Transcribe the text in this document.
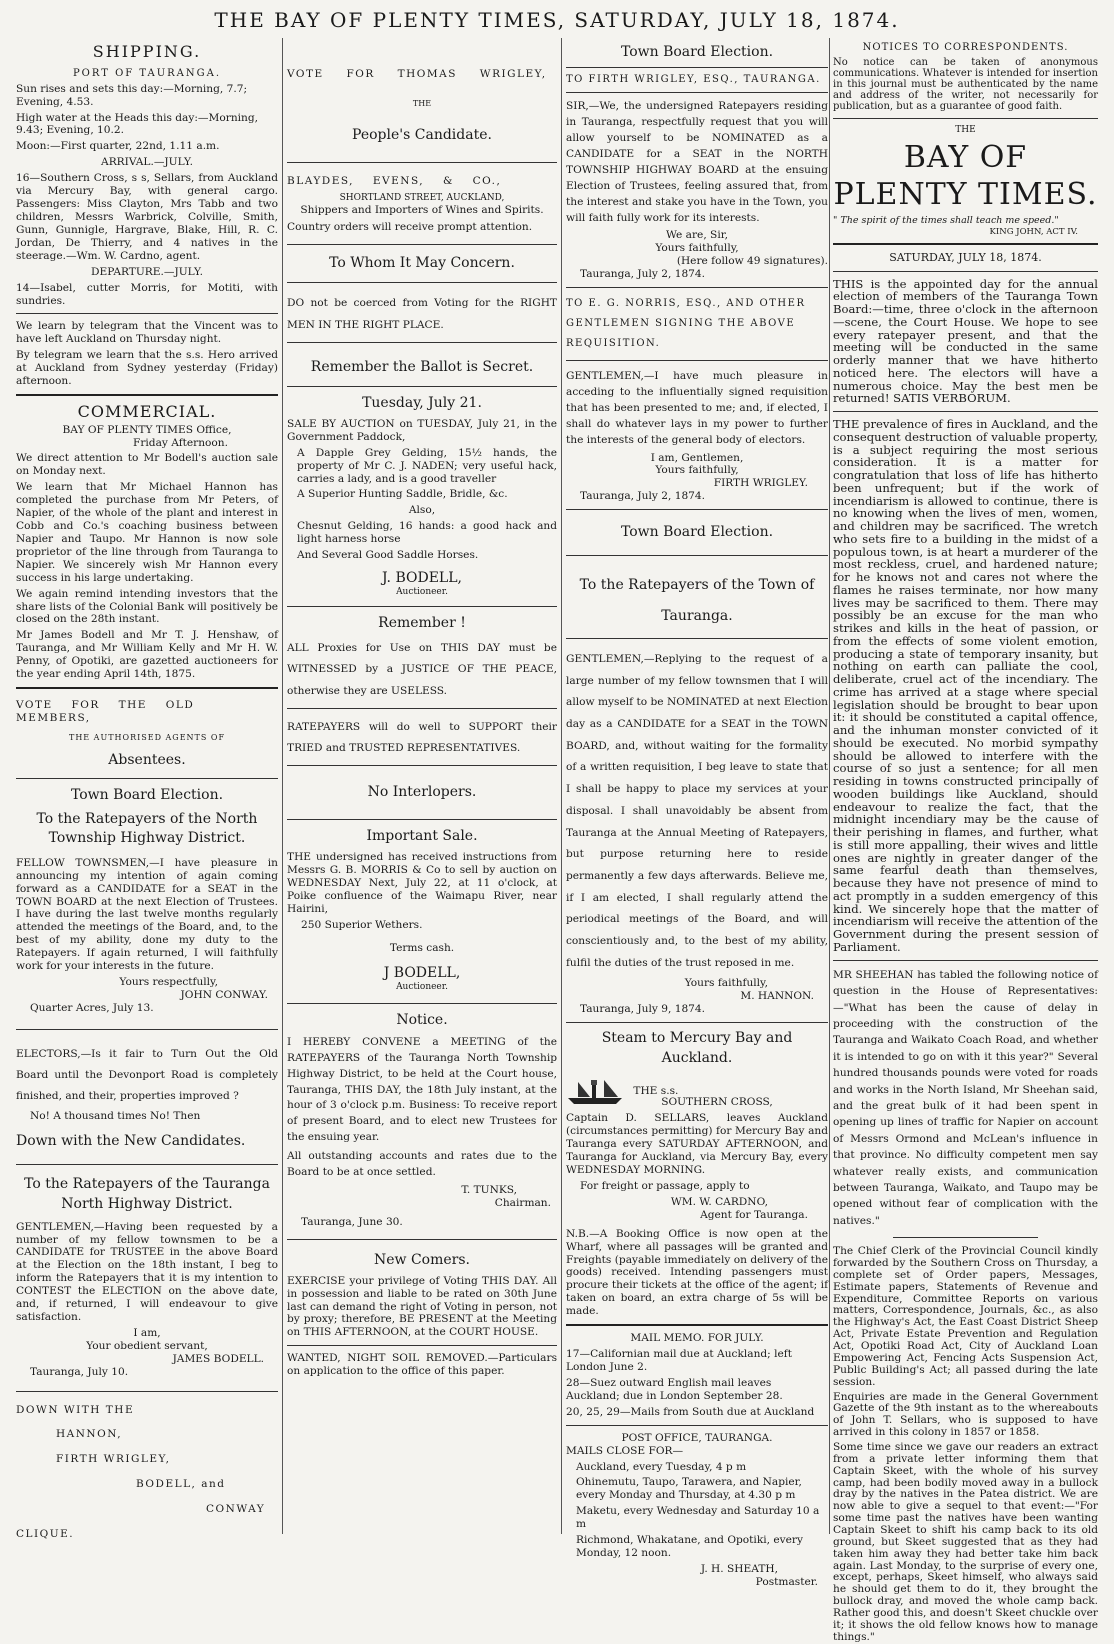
THE BAY OF PLENTY TIMES, SATURDAY, JULY 18, 1874.
SHIPPING.
PORT OF TAURANGA.

Sun rises and sets this day:—Morning, 7.7; Evening, 4.53.

High water at the Heads this day:—Morning, 9.43; Evening, 10.2.

Moon:—First quarter, 22nd, 1.11 a.m.

ARRIVAL.—JULY.

16—Southern Cross, s s, Sellars, from Auckland via Mercury Bay, with general cargo. Passengers: Miss Clayton, Mrs Tabb and two children, Messrs Warbrick, Colville, Smith, Gunn, Gunnigle, Hargrave, Blake, Hill, R. C. Jordan, De Thierry, and 4 natives in the steerage.—Wm. W. Cardno, agent.

DEPARTURE.—JULY.

14—Isabel, cutter Morris, for Motiti, with sundries.

We learn by telegram that the Vincent was to have left Auckland on Thursday night.

By telegram we learn that the s.s. Hero arrived at Auckland from Sydney yesterday (Friday) afternoon.

COMMERCIAL.
BAY OF PLENTY TIMES Office,
Friday Afternoon.

We direct attention to Mr Bodell's auction sale on Monday next.

We learn that Mr Michael Hannon has completed the purchase from Mr Peters, of Napier, of the whole of the plant and interest in Cobb and Co.'s coaching business between Napier and Taupo. Mr Hannon is now sole proprietor of the line through from Tauranga to Napier. We sincerely wish Mr Hannon every success in his large undertaking.

We again remind intending investors that the share lists of the Colonial Bank will positively be closed on the 28th instant.

Mr James Bodell and Mr T. J. Henshaw, of Tauranga, and Mr William Kelly and Mr H. W. Penny, of Opotiki, are gazetted auctioneers for the year ending April 14th, 1875.

VOTE FOR THE OLD MEMBERS,

THE AUTHORISED AGENTS OF
Absentees.
Town Board Election.
To the Ratepayers of the North Township Highway District.

FELLOW TOWNSMEN,—I have pleasure in announcing my intention of again coming forward as a CANDIDATE for a SEAT in the TOWN BOARD at the next Election of Trustees. I have during the last twelve months regularly attended the meetings of the Board, and, to the best of my ability, done my duty to the Ratepayers. If again returned, I will faithfully work for your interests in the future.

Yours respectfully,
JOHN CONWAY.
Quarter Acres, July 13.

ELECTORS,—Is it fair to Turn Out the Old Board until the Devonport Road is completely finished, and their, properties improved ?

No! A thousand times No! Then

Down with the New Candidates.

To the Ratepayers of the Tauranga North Highway District.

GENTLEMEN,—Having been requested by a number of my fellow townsmen to be a CANDIDATE for TRUSTEE in the above Board at the Election on the 18th instant, I beg to inform the Ratepayers that it is my intention to CONTEST the ELECTION on the above date, and, if returned, I will endeavour to give satisfaction.

I am,
Your obedient servant,
JAMES BODELL.
Tauranga, July 10.
DOWN WITH THE
HANNON,
FIRTH WRIGLEY,
BODELL, and
CONWAY
CLIQUE.
VOTE FOR THOMAS WRIGLEY,
THE
People's Candidate.
BLAYDES, EVENS, & CO.,
SHORTLAND STREET, AUCKLAND,
Shippers and Importers of Wines and Spirits.
Country orders will receive prompt attention.
To Whom It May Concern.

DO not be coerced from Voting for the RIGHT MEN IN THE RIGHT PLACE.

Remember the Ballot is Secret.
Tuesday, July 21.

SALE BY AUCTION on TUESDAY, July 21, in the Government Paddock,

A Dapple Grey Gelding, 15½ hands, the property of Mr C. J. NADEN; very useful hack, carries a lady, and is a good traveller

A Superior Hunting Saddle, Bridle, &c.

Also,

Chesnut Gelding, 16 hands: a good hack and light harness horse

And Several Good Saddle Horses.

J. BODELL,
Auctioneer.
Remember !

ALL Proxies for Use on THIS DAY must be WITNESSED by a JUSTICE OF THE PEACE, otherwise they are USELESS.

RATEPAYERS will do well to SUPPORT their TRIED and TRUSTED REPRESENTATIVES.

No Interlopers.
Important Sale.

THE undersigned has received instructions from Messrs G. B. MORRIS & Co to sell by auction on WEDNESDAY Next, July 22, at 11 o'clock, at Poike confluence of the Waimapu River, near Hairini,

250 Superior Wethers.

Terms cash.
J BODELL,
Auctioneer.
Notice.

I HEREBY CONVENE a MEETING of the RATEPAYERS of the Tauranga North Township Highway District, to be held at the Court house, Tauranga, THIS DAY, the 18th July instant, at the hour of 3 o'clock p.m. Business: To receive report of present Board, and to elect new Trustees for the ensuing year.

All outstanding accounts and rates due to the Board to be at once settled.

T. TUNKS,
Chairman.
Tauranga, June 30.
New Comers.

EXERCISE your privilege of Voting THIS DAY. All in possession and liable to be rated on 30th June last can demand the right of Voting in person, not by proxy; therefore, BE PRESENT at the Meeting on THIS AFTERNOON, at the COURT HOUSE.

WANTED, NIGHT SOIL REMOVED.—Particulars on application to the office of this paper.

Town Board Election.
TO FIRTH WRIGLEY, ESQ., TAURANGA.

SIR,—We, the undersigned Ratepayers residing in Tauranga, respectfully request that you will allow yourself to be NOMINATED as a CANDIDATE for a SEAT in the NORTH TOWNSHIP HIGHWAY BOARD at the ensuing Election of Trustees, feeling assured that, from the interest and stake you have in the Town, you will faith fully work for its interests.

We are, Sir,
Yours faithfully,
(Here follow 49 signatures).
Tauranga, July 2, 1874.

TO E. G. NORRIS, ESQ., AND OTHER GENTLEMEN SIGNING THE ABOVE REQUISITION.

GENTLEMEN,—I have much pleasure in acceding to the influentially signed requisition that has been presented to me; and, if elected, I shall do whatever lays in my power to further the interests of the general body of electors.

I am, Gentlemen,
Yours faithfully,
FIRTH WRIGLEY.
Tauranga, July 2, 1874.
Town Board Election.
To the Ratepayers of the Town of Tauranga.

GENTLEMEN,—Replying to the request of a large number of my fellow townsmen that I will allow myself to be NOMINATED at next Election day as a CANDIDATE for a SEAT in the TOWN BOARD, and, without waiting for the formality of a written requisition, I beg leave to state that I shall be happy to place my services at your disposal. I shall unavoidably be absent from Tauranga at the Annual Meeting of Ratepayers, but purpose returning here to reside permanently a few days afterwards. Believe me, if I am elected, I shall regularly attend the periodical meetings of the Board, and will conscientiously and, to the best of my ability, fulfil the duties of the trust reposed in me.

Yours faithfully,
M. HANNON.
Tauranga, July 9, 1874.
Steam to Mercury Bay and Auckland.
THE s.s.
SOUTHERN CROSS,

Captain D. SELLARS, leaves Auckland (circumstances permitting) for Mercury Bay and Tauranga every SATURDAY AFTERNOON, and Tauranga for Auckland, via Mercury Bay, every WEDNESDAY MORNING.

For freight or passage, apply to

WM. W. CARDNO,
Agent for Tauranga.

N.B.—A Booking Office is now open at the Wharf, where all passages will be granted and Freights (payable immediately on delivery of the goods) received. Intending passengers must procure their tickets at the office of the agent; if taken on board, an extra charge of 5s will be made.

MAIL MEMO. FOR JULY.

17—Californian mail due at Auckland; left London June 2.

28—Suez outward English mail leaves Auckland; due in London September 28.

20, 25, 29—Mails from South due at Auckland

POST OFFICE, TAURANGA.
MAILS CLOSE FOR—

Auckland, every Tuesday, 4 p m

Ohinemutu, Taupo, Tarawera, and Napier, every Monday and Thursday, at 4.30 p m

Maketu, every Wednesday and Saturday 10 a m

Richmond, Whakatane, and Opotiki, every Monday, 12 noon.

J. H. SHEATH,
Postmaster.
NOTICES TO CORRESPONDENTS.

No notice can be taken of anonymous communications. Whatever is intended for insertion in this journal must be authenticated by the name and address of the writer, not necessarily for publication, but as a guarantee of good faith.

THE
BAY OF PLENTY TIMES.
" The spirit of the times shall teach me speed."
KING JOHN, ACT IV.
SATURDAY, JULY 18, 1874.

THIS is the appointed day for the annual election of members of the Tauranga Town Board:—time, three o'clock in the afternoon—scene, the Court House. We hope to see every ratepayer present, and that the meeting will be conducted in the same orderly manner that we have hitherto noticed here. The electors will have a numerous choice. May the best men be returned! SATIS VERBORUM.

THE prevalence of fires in Auckland, and the consequent destruction of valuable property, is a subject requiring the most serious consideration. It is a matter for congratulation that loss of life has hitherto been unfrequent; but if the work of incendiarism is allowed to continue, there is no knowing when the lives of men, women, and children may be sacrificed. The wretch who sets fire to a building in the midst of a populous town, is at heart a murderer of the most reckless, cruel, and hardened nature; for he knows not and cares not where the flames he raises terminate, nor how many lives may be sacrificed to them. There may possibly be an excuse for the man who strikes and kills in the heat of passion, or from the effects of some violent emotion, producing a state of temporary insanity, but nothing on earth can palliate the cool, deliberate, cruel act of the incendiary. The crime has arrived at a stage where special legislation should be brought to bear upon it: it should be constituted a capital offence, and the inhuman monster convicted of it should be executed. No morbid sympathy should be allowed to interfere with the course of so just a sentence; for all men residing in towns constructed principally of wooden buildings like Auckland, should endeavour to realize the fact, that the midnight incendiary may be the cause of their perishing in flames, and further, what is still more appalling, their wives and little ones are nightly in greater danger of the same fearful death than themselves, because they have not presence of mind to act promptly in a sudden emergency of this kind. We sincerely hope that the matter of incendiarism will receive the attention of the Government during the present session of Parliament.

MR SHEEHAN has tabled the following notice of question in the House of Representatives:—"What has been the cause of delay in proceeding with the construction of the Tauranga and Waikato Coach Road, and whether it is intended to go on with it this year?" Several hundred thousands pounds were voted for roads and works in the North Island, Mr Sheehan said, and the great bulk of it had been spent in opening up lines of traffic for Napier on account of Messrs Ormond and McLean's influence in that province. No difficulty competent men say whatever really exists, and communication between Tauranga, Waikato, and Taupo may be opened without fear of complication with the natives."

The Chief Clerk of the Provincial Council kindly forwarded by the Southern Cross on Thursday, a complete set of Order papers, Messages, Estimate papers, Statements of Revenue and Expenditure, Committee Reports on various matters, Correspondence, Journals, &c., as also the Highway's Act, the East Coast District Sheep Act, Private Estate Prevention and Regulation Act, Opotiki Road Act, City of Auckland Loan Empowering Act, Fencing Acts Suspension Act, Public Building's Act; all passed during the late session.

Enquiries are made in the General Government Gazette of the 9th instant as to the whereabouts of John T. Sellars, who is supposed to have arrived in this colony in 1857 or 1858.

Some time since we gave our readers an extract from a private letter informing them that Captain Skeet, with the whole of his survey camp, had been bodily moved away in a bullock dray by the natives in the Patea district. We are now able to give a sequel to that event:—"For some time past the natives have been wanting Captain Skeet to shift his camp back to its old ground, but Skeet suggested that as they had taken him away they had better take him back again. Last Monday, to the surprise of every one, except, perhaps, Skeet himself, who always said he should get them to do it, they brought the bullock dray, and moved the whole camp back. Rather good this, and doesn't Skeet chuckle over it; it shows the old fellow knows how to manage things."
